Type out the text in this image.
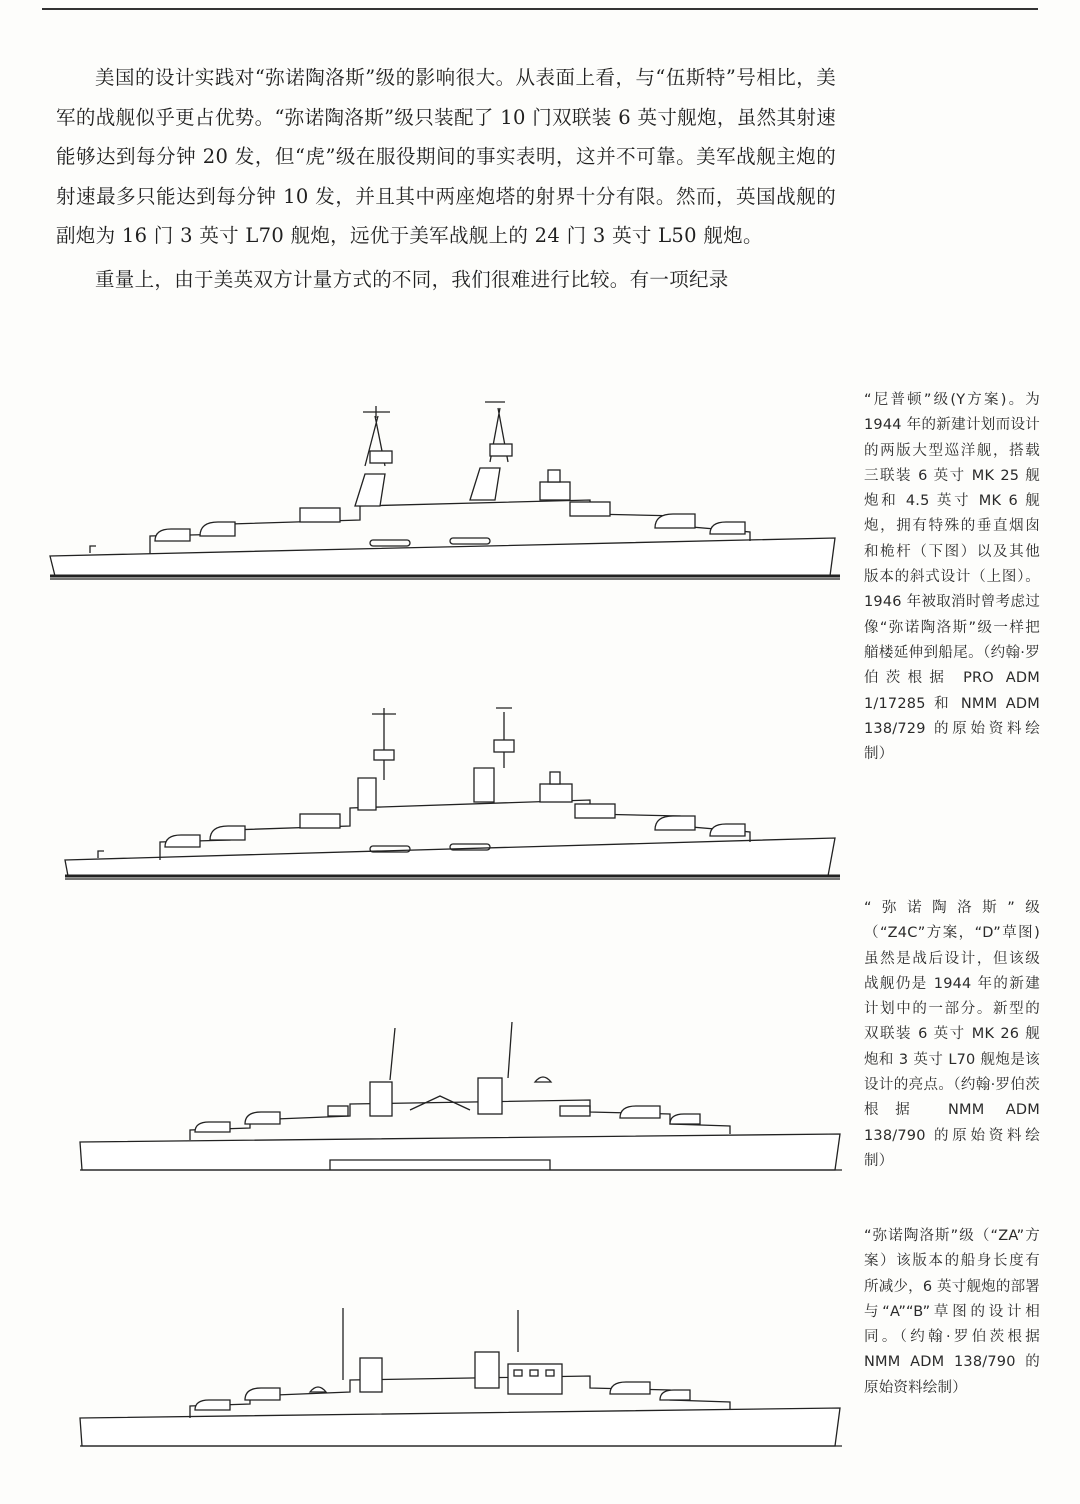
美国的设计实践对“弥诺陶洛斯”级的影响很大。从表面上看，与“伍斯特”号相比，美军的战舰似乎更占优势。“弥诺陶洛斯”级只装配了 10 门双联装 6 英寸舰炮，虽然其射速能够达到每分钟 20 发，但“虎”级在服役期间的事实表明，这并不可靠。美军战舰主炮的射速最多只能达到每分钟 10 发，并且其中两座炮塔的射界十分有限。然而，英国战舰的副炮为 16 门 3 英寸 L70 舰炮，远优于美军战舰上的 24 门 3 英寸 L50 舰炮。

重量上，由于美英双方计量方式的不同，我们很难进行比较。有一项纪录

“尼普顿”级(Y方案)。为 1944 年的新建计划而设计的两版大型巡洋舰，搭载三联装 6 英寸 MK 25 舰炮和 4.5 英寸 MK 6 舰炮，拥有特殊的垂直烟囱和桅杆（下图）以及其他版本的斜式设计（上图）。1946 年被取消时曾考虑过像“弥诺陶洛斯”级一样把艏楼延伸到船尾。（约翰·罗伯茨根据 PRO ADM 1/17285 和 NMM ADM 138/729 的原始资料绘制）
“弥诺陶洛斯”级（“Z4C”方案，“D”草图)虽然是战后设计，但该级战舰仍是 1944 年的新建计划中的一部分。新型的双联装 6 英寸 MK 26 舰炮和 3 英寸 L70 舰炮是该设计的亮点。（约翰·罗伯茨根据 NMM ADM 138/790 的原始资料绘制）
“弥诺陶洛斯”级（“ZA”方案）该版本的船身长度有所减少，6 英寸舰炮的部署与“A”“B”草图的设计相同。（约翰·罗伯茨根据 NMM ADM 138/790 的原始资料绘制）
